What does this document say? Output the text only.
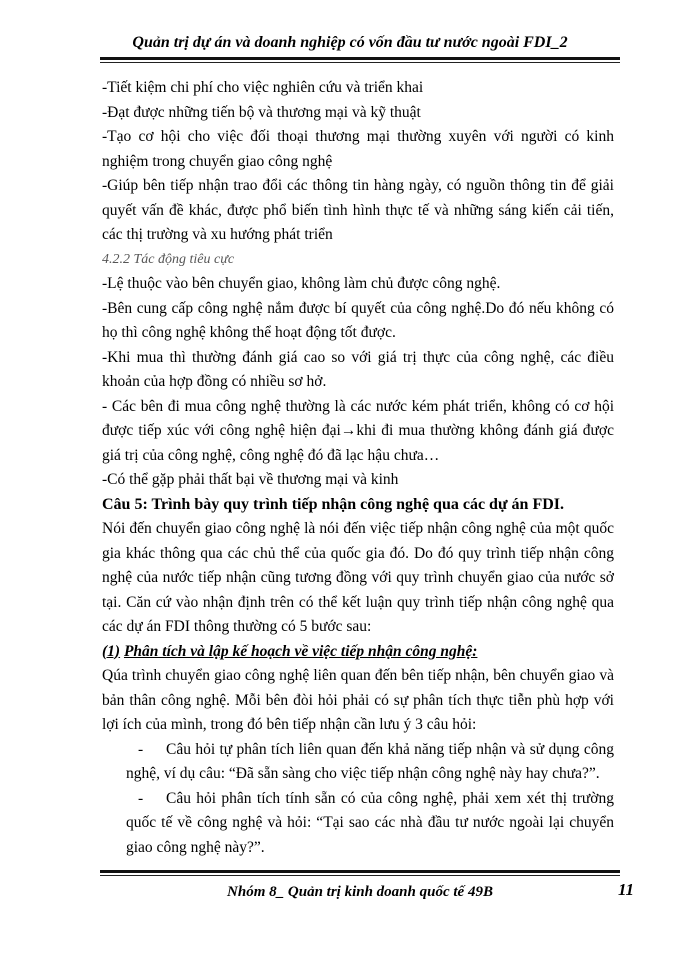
Quản trị dự án và doanh nghiệp có vốn đầu tư nước ngoài FDI_2

-Tiết kiệm chi phí cho việc nghiên cứu và triển khai

-Đạt được những tiến bộ và thương mại và kỹ thuật

-Tạo cơ hội cho việc đối thoại thương mại thường xuyên với người có kinh nghiệm trong chuyển giao công nghệ

-Giúp bên tiếp nhận trao đổi các thông tin hàng ngày, có nguồn thông tin để giải quyết vấn đề khác, được phổ biến tình hình thực tế và những sáng kiến cải tiến, các thị trường và xu hướng phát triển

4.2.2 Tác động tiêu cực

-Lệ thuộc vào bên chuyển giao, không làm chủ được công nghệ.

-Bên cung cấp công nghệ nắm được bí quyết của công nghệ.Do đó nếu không có họ thì công nghệ không thể hoạt động tốt được.

-Khi mua thì thường đánh giá cao so với giá trị thực của công nghệ, các điều khoản của hợp đồng có nhiều sơ hở.

- Các bên đi mua công nghệ thường là các nước kém phát triển, không có cơ hội được tiếp xúc với công nghệ hiện đại→khi đi mua thường không đánh giá được giá trị của công nghệ, công nghệ đó đã lạc hậu chưa…

-Có thể gặp phải thất bại về thương mại và kinh

Câu 5: Trình bày quy trình tiếp nhận công nghệ qua các dự án FDI.

Nói đến chuyển giao công nghệ là nói đến việc tiếp nhận công nghệ của một quốc gia khác thông qua các chủ thể của quốc gia đó. Do đó quy trình tiếp nhận công nghệ của nước tiếp nhận cũng tương đồng với quy trình chuyển giao của nước sở tại. Căn cứ vào nhận định trên có thể kết luận quy trình tiếp nhận công nghệ qua các dự án FDI thông thường có 5 bước sau:

(1) Phân tích và lập kế hoạch về việc tiếp nhận công nghệ:

Qúa trình chuyển giao công nghệ liên quan đến bên tiếp nhận, bên chuyển giao và bản thân công nghệ. Mỗi bên đòi hỏi phải có sự phân tích thực tiễn phù hợp với lợi ích của mình, trong đó bên tiếp nhận cần lưu ý 3 câu hỏi:

- Câu hỏi tự phân tích liên quan đến khả năng tiếp nhận và sử dụng công nghệ, ví dụ câu: “Đã sẵn sàng cho việc tiếp nhận công nghệ này hay chưa?”.

- Câu hỏi phân tích tính sẵn có của công nghệ, phải xem xét thị trường quốc tế về công nghệ và hỏi: “Tại sao các nhà đầu tư nước ngoài lại chuyển giao công nghệ này?”.

Nhóm 8_ Quản trị kinh doanh quốc tế 49B	11
